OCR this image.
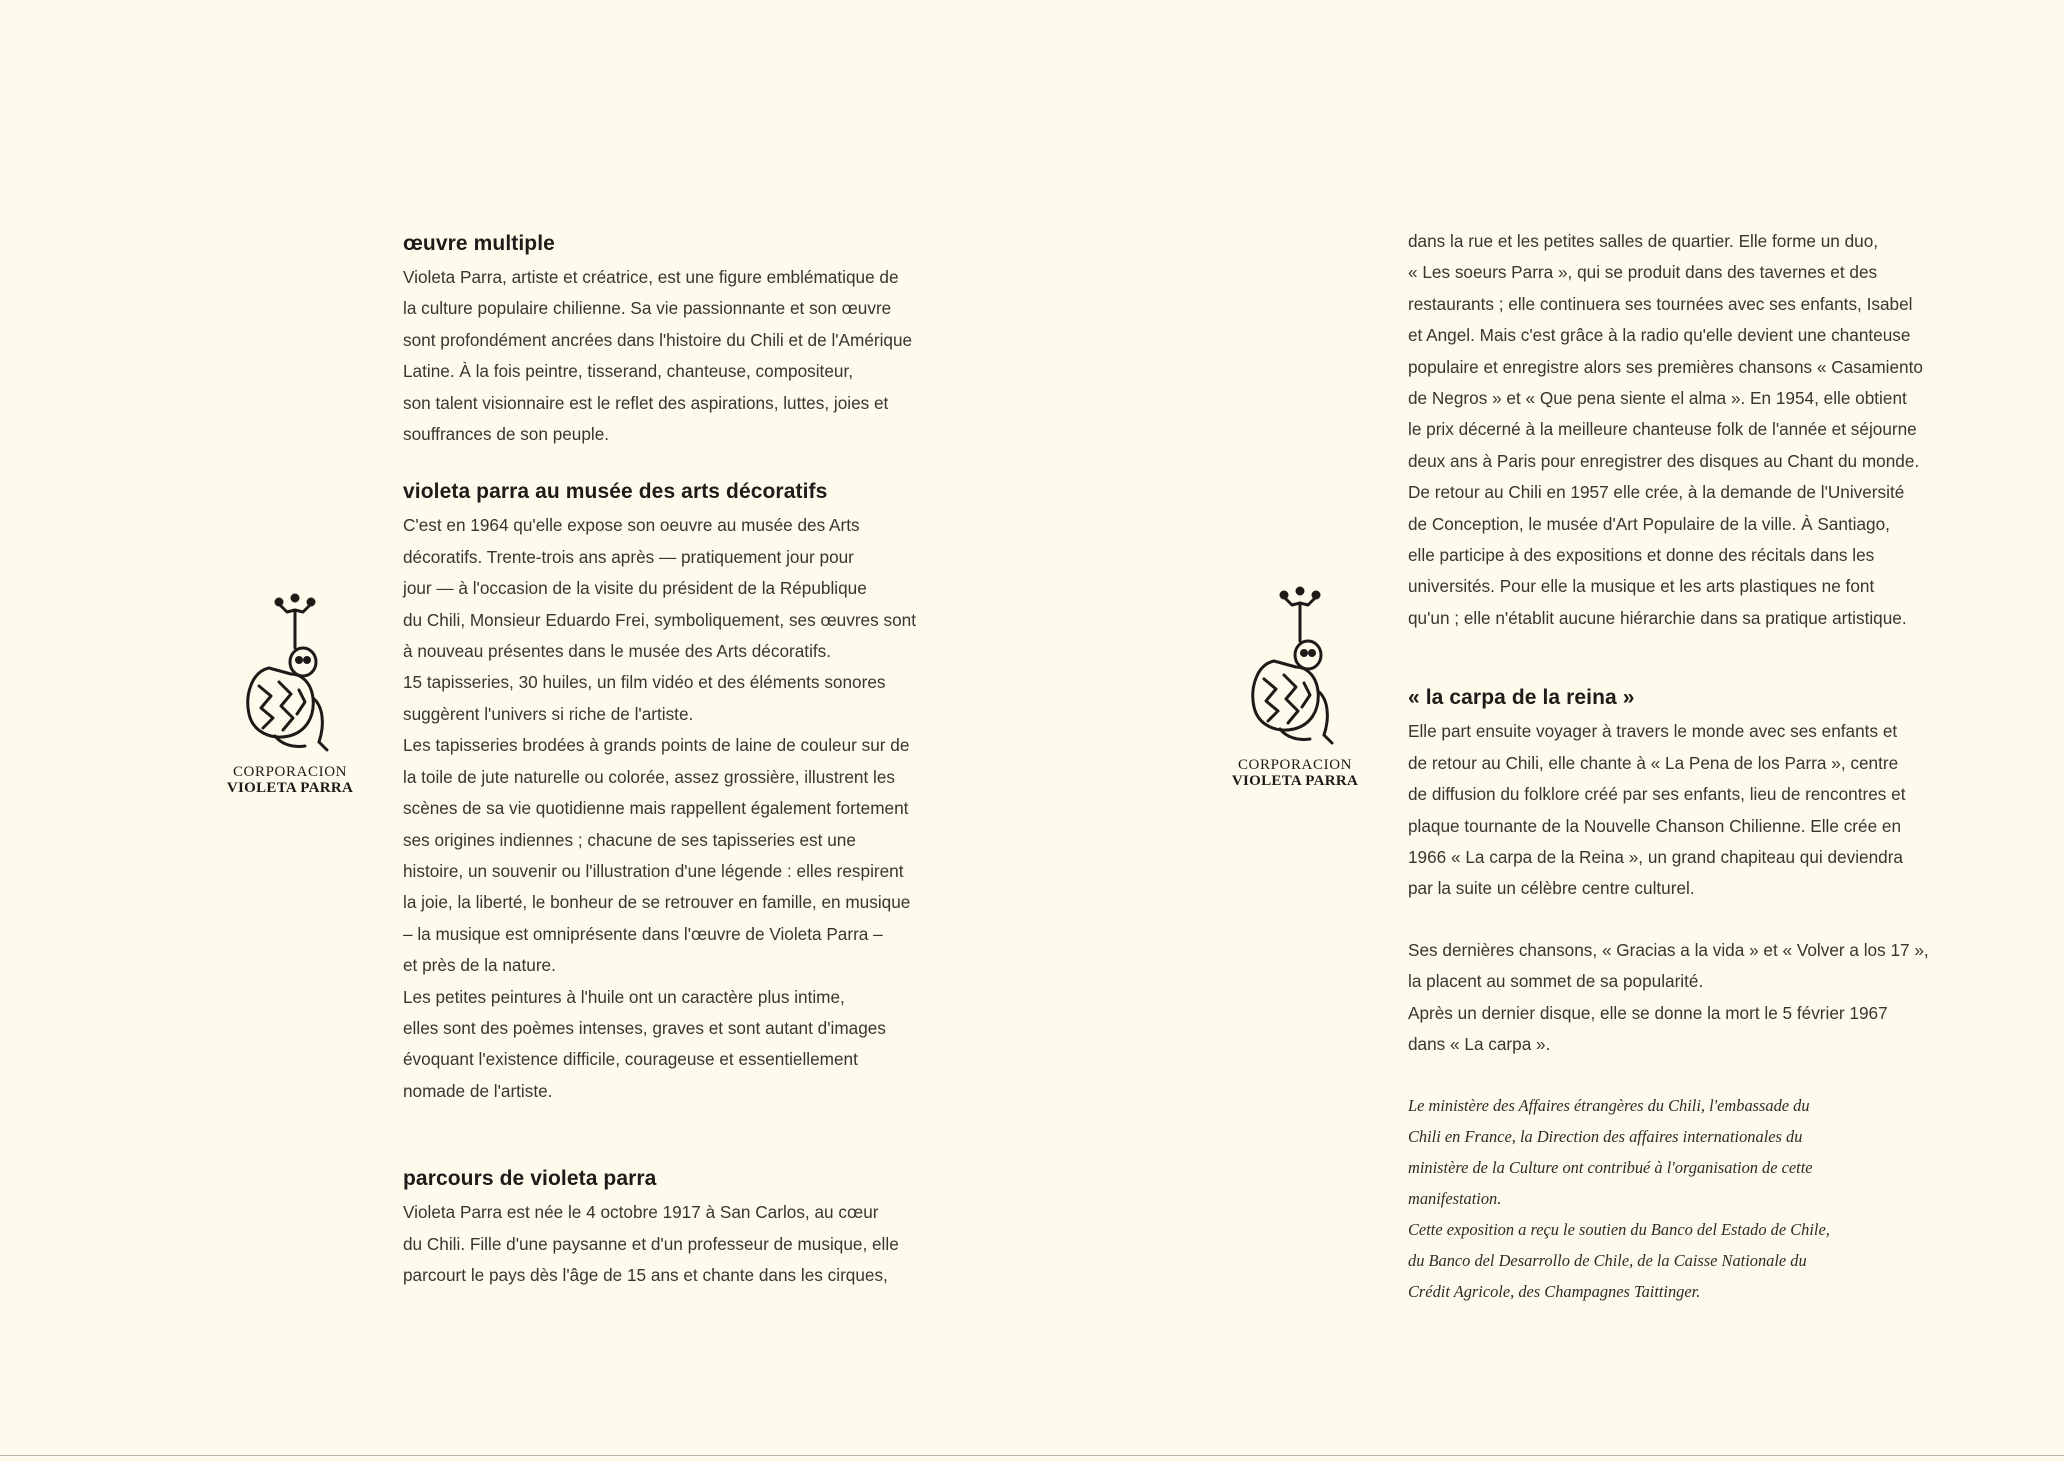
CORPORACION
VIOLETA PARRA
œuvre multiple

Violeta Parra, artiste et créatrice, est une figure emblématique de
la culture populaire chilienne. Sa vie passionnante et son œuvre
sont profondément ancrées dans l'histoire du Chili et de l'Amérique
Latine. À la fois peintre, tisserand, chanteuse, compositeur,
son talent visionnaire est le reflet des aspirations, luttes, joies et
souffrances de son peuple.

violeta parra au musée des arts décoratifs

C'est en 1964 qu'elle expose son oeuvre au musée des Arts
décoratifs. Trente-trois ans après — pratiquement jour pour
jour — à l'occasion de la visite du président de la République
du Chili, Monsieur Eduardo Frei, symboliquement, ses œuvres sont
à nouveau présentes dans le musée des Arts décoratifs.
15 tapisseries, 30 huiles, un film vidéo et des éléments sonores
suggèrent l'univers si riche de l'artiste.
Les tapisseries brodées à grands points de laine de couleur sur de
la toile de jute naturelle ou colorée, assez grossière, illustrent les
scènes de sa vie quotidienne mais rappellent également fortement
ses origines indiennes ; chacune de ses tapisseries est une
histoire, un souvenir ou l'illustration d'une légende : elles respirent
la joie, la liberté, le bonheur de se retrouver en famille, en musique
– la musique est omniprésente dans l'œuvre de Violeta Parra –
et près de la nature.
Les petites peintures à l'huile ont un caractère plus intime,
elles sont des poèmes intenses, graves et sont autant d'images
évoquant l'existence difficile, courageuse et essentiellement
nomade de l'artiste.

parcours de violeta parra

Violeta Parra est née le 4 octobre 1917 à San Carlos, au cœur
du Chili. Fille d'une paysanne et d'un professeur de musique, elle
parcourt le pays dès l'âge de 15 ans et chante dans les cirques,

CORPORACION
VIOLETA PARRA

dans la rue et les petites salles de quartier. Elle forme un duo,
« Les soeurs Parra », qui se produit dans des tavernes et des
restaurants ; elle continuera ses tournées avec ses enfants, Isabel
et Angel. Mais c'est grâce à la radio qu'elle devient une chanteuse
populaire et enregistre alors ses premières chansons « Casamiento
de Negros » et « Que pena siente el alma ». En 1954, elle obtient
le prix décerné à la meilleure chanteuse folk de l'année et séjourne
deux ans à Paris pour enregistrer des disques au Chant du monde.
De retour au Chili en 1957 elle crée, à la demande de l'Université
de Conception, le musée d'Art Populaire de la ville. À Santiago,
elle participe à des expositions et donne des récitals dans les
universités. Pour elle la musique et les arts plastiques ne font
qu'un ; elle n'établit aucune hiérarchie dans sa pratique artistique.

« la carpa de la reina »

Elle part ensuite voyager à travers le monde avec ses enfants et
de retour au Chili, elle chante à « La Pena de los Parra », centre
de diffusion du folklore créé par ses enfants, lieu de rencontres et
plaque tournante de la Nouvelle Chanson Chilienne. Elle crée en
1966 « La carpa de la Reina », un grand chapiteau qui deviendra
par la suite un célèbre centre culturel.

Ses dernières chansons, « Gracias a la vida » et « Volver a los 17 »,
la placent au sommet de sa popularité.
Après un dernier disque, elle se donne la mort le 5 février 1967
dans « La carpa ».

Le ministère des Affaires étrangères du Chili, l'embassade du
Chili en France, la Direction des affaires internationales du
ministère de la Culture ont contribué à l'organisation de cette
manifestation.
Cette exposition a reçu le soutien du Banco del Estado de Chile,
du Banco del Desarrollo de Chile, de la Caisse Nationale du
Crédit Agricole, des Champagnes Taittinger.
